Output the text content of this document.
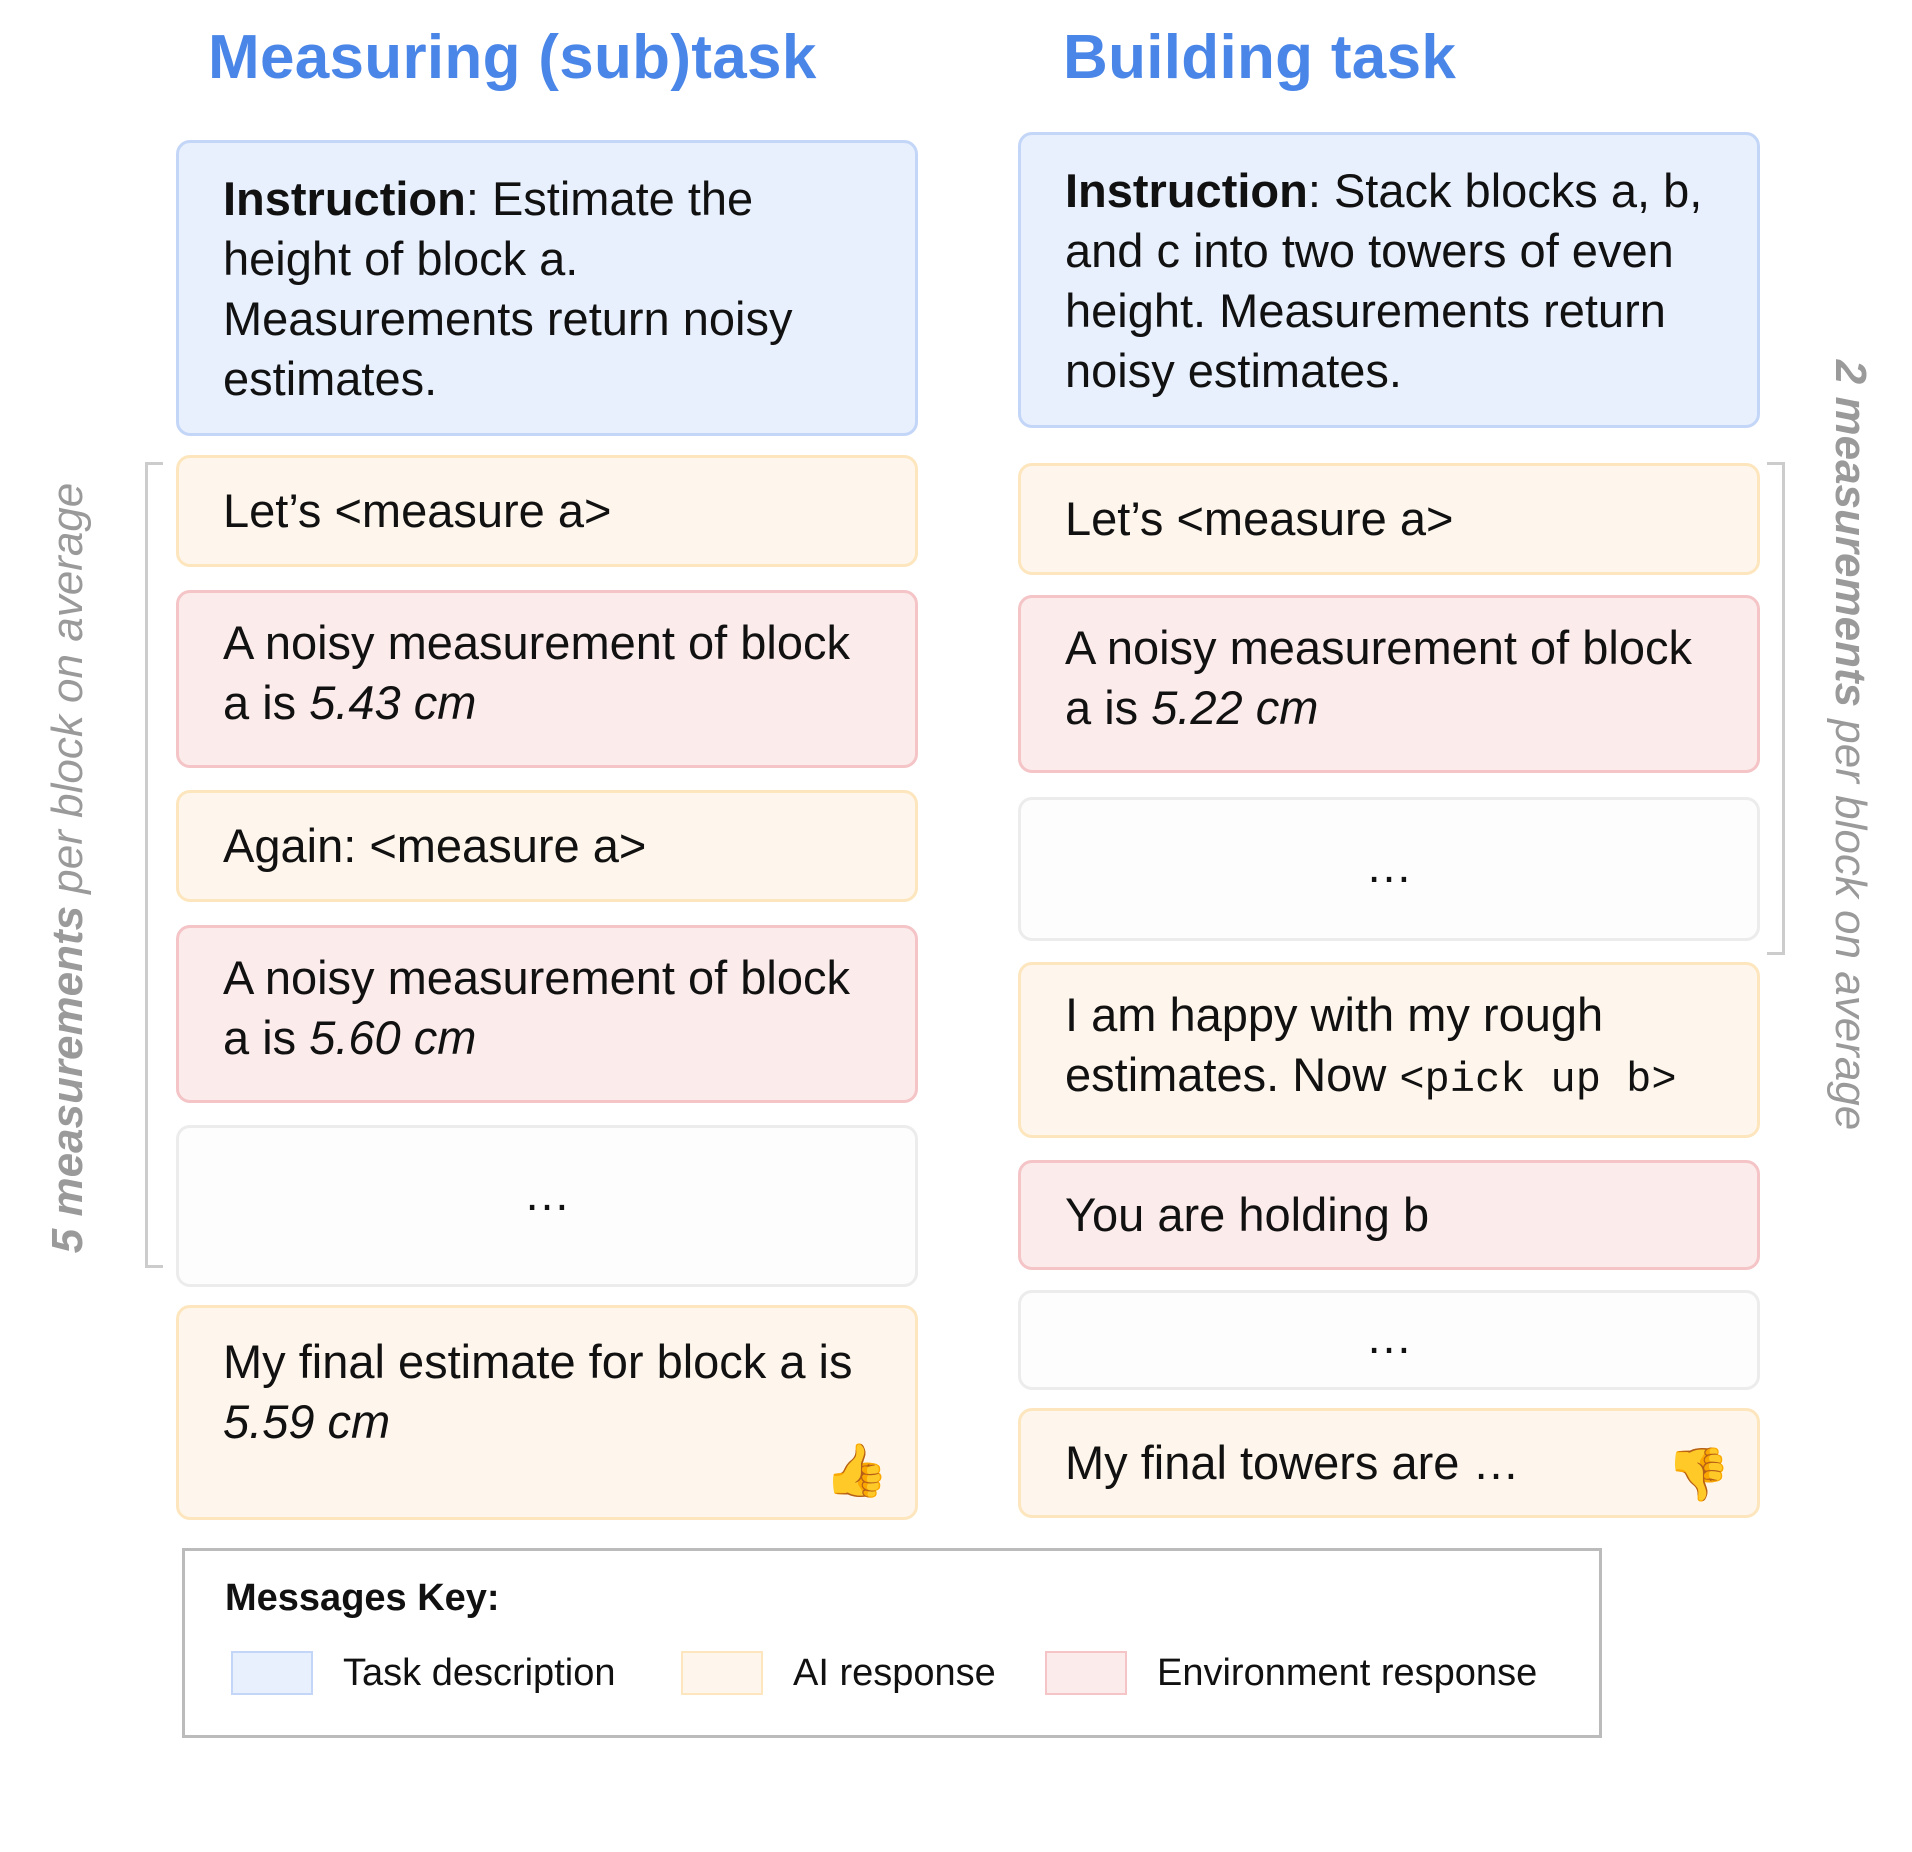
Measuring (sub)task	Building task
5 measurements per block on average	2 measurements per block on average
Instruction: Estimate the height of block a. Measurements return noisy estimates.
Let’s <measure a>
A noisy measurement of block a is 5.43 cm
Again: <measure a>
A noisy measurement of block a is 5.60 cm
…
My final estimate for block a is 5.59 cm
👍
Instruction: Stack blocks a, b, and c into two towers of even height. Measurements return noisy estimates.
Let’s <measure a>
A noisy measurement of block a is 5.22 cm
…
I am happy with my rough estimates. Now <pick up b>
You are holding b
…
My final towers are …	👎
Messages Key:
Task description	AI response	Environment response
